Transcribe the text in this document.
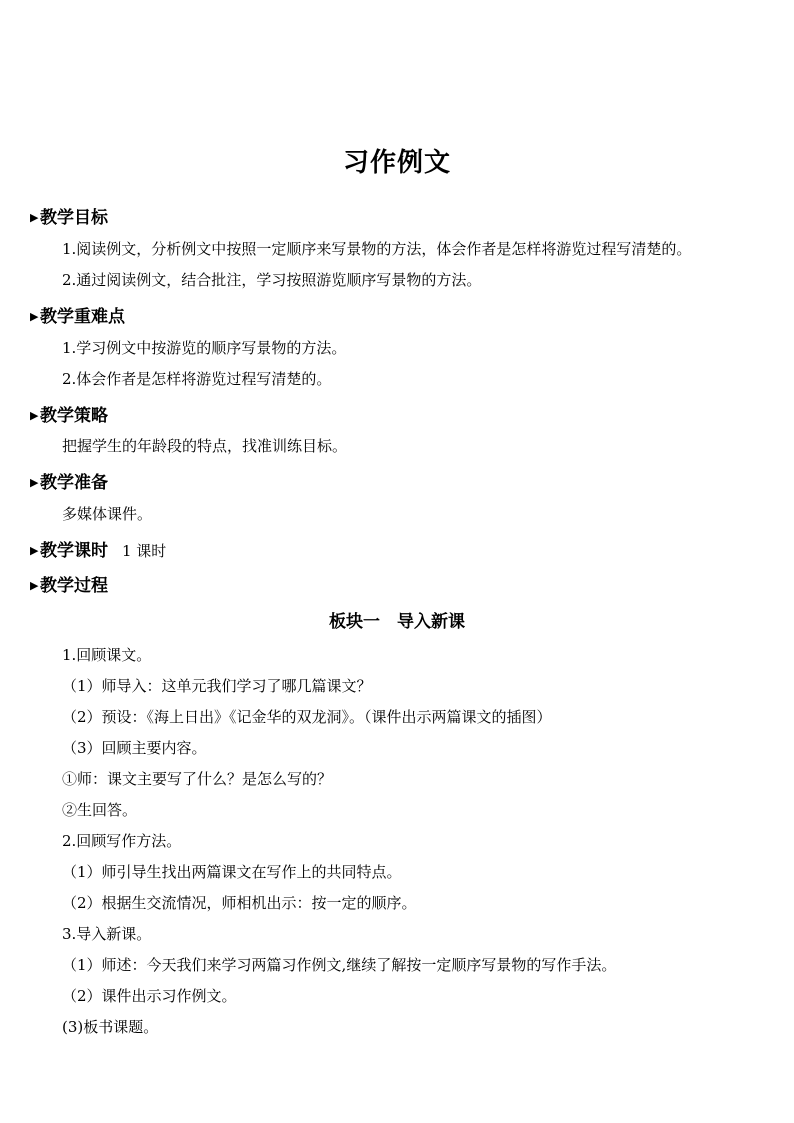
习作例文
▶教学目标
1.阅读例文，分析例文中按照一定顺序来写景物的方法，体会作者是怎样将游览过程写清楚的。
2.通过阅读例文，结合批注，学习按照游览顺序写景物的方法。
▶教学重难点
1.学习例文中按游览的顺序写景物的方法。
2.体会作者是怎样将游览过程写清楚的。
▶教学策略
把握学生的年龄段的特点，找准训练目标。
▶教学准备
多媒体课件。
▶教学课时 1 课时
▶教学过程
板块一　导入新课
1.回顾课文。
（1）师导入：这单元我们学习了哪几篇课文？
（2）预设：《海上日出》《记金华的双龙洞》。（课件出示两篇课文的插图）
（3）回顾主要内容。
①师：课文主要写了什么？是怎么写的？
②生回答。
2.回顾写作方法。
（1）师引导生找出两篇课文在写作上的共同特点。
（2）根据生交流情况，师相机出示：按一定的顺序。
3.导入新课。
（1）师述：今天我们来学习两篇习作例文,继续了解按一定顺序写景物的写作手法。
（2）课件出示习作例文。
(3)板书课题。
